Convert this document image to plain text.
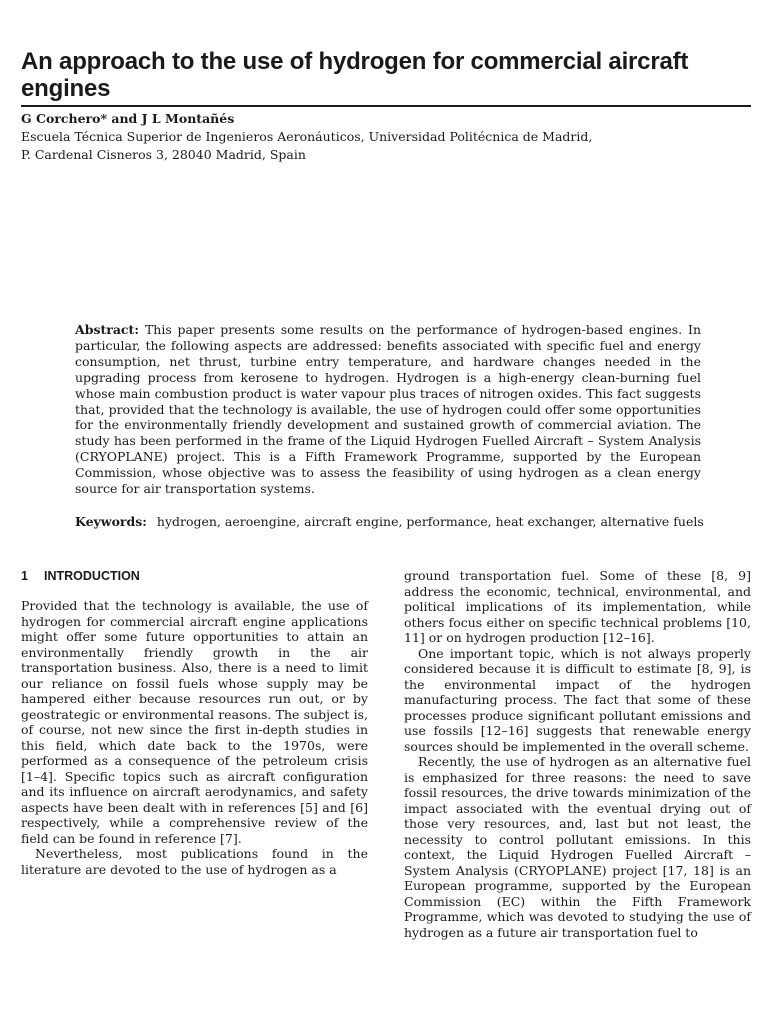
An approach to the use of hydrogen for commercial aircraft engines
G Corchero* and J L Montañés
Escuela Técnica Superior de Ingenieros Aeronáuticos, Universidad Politécnica de Madrid,
P. Cardenal Cisneros 3, 28040 Madrid, Spain
Abstract: This paper presents some results on the performance of hydrogen-based engines. In particular, the following aspects are addressed: benefits associated with specific fuel and energy consumption, net thrust, turbine entry temperature, and hardware changes needed in the upgrading process from kerosene to hydrogen. Hydrogen is a high-energy clean-burning fuel whose main combustion product is water vapour plus traces of nitrogen oxides. This fact suggests that, provided that the technology is available, the use of hydrogen could offer some opportunities for the environmentally friendly development and sustained growth of commercial aviation. The study has been performed in the frame of the Liquid Hydrogen Fuelled Aircraft – System Analysis (CRYOPLANE) project. This is a Fifth Framework Programme, supported by the European Commission, whose objective was to assess the feasibility of using hydrogen as a clean energy source for air transportation systems.
Keywords: hydrogen, aeroengine, aircraft engine, performance, heat exchanger, alternative fuels
1 INTRODUCTION

Provided that the technology is available, the use of hydrogen for commercial aircraft engine applications might offer some future opportunities to attain an environmentally friendly growth in the air transportation business. Also, there is a need to limit our reliance on fossil fuels whose supply may be hampered either because resources run out, or by geostrategic or environmental reasons. The subject is, of course, not new since the first in-depth studies in this field, which date back to the 1970s, were performed as a consequence of the petroleum crisis [1–4]. Specific topics such as aircraft configuration and its influence on aircraft aerodynamics, and safety aspects have been dealt with in references [5] and [6] respectively, while a comprehensive review of the field can be found in reference [7].

Nevertheless, most publications found in the literature are devoted to the use of hydrogen as a

ground transportation fuel. Some of these [8, 9] address the economic, technical, environmental, and political implications of its implementation, while others focus either on specific technical problems [10, 11] or on hydrogen production [12–16].

One important topic, which is not always properly considered because it is difficult to estimate [8, 9], is the environmental impact of the hydrogen manufacturing process. The fact that some of these processes produce significant pollutant emissions and use fossils [12–16] suggests that renewable energy sources should be implemented in the overall scheme.

Recently, the use of hydrogen as an alternative fuel is emphasized for three reasons: the need to save fossil resources, the drive towards minimization of the impact associated with the eventual drying out of those very resources, and, last but not least, the necessity to control pollutant emissions. In this context, the Liquid Hydrogen Fuelled Aircraft – System Analysis (CRYOPLANE) project [17, 18] is an European programme, supported by the European Commission (EC) within the Fifth Framework Programme, which was devoted to studying the use of hydrogen as a future air transportation fuel to
